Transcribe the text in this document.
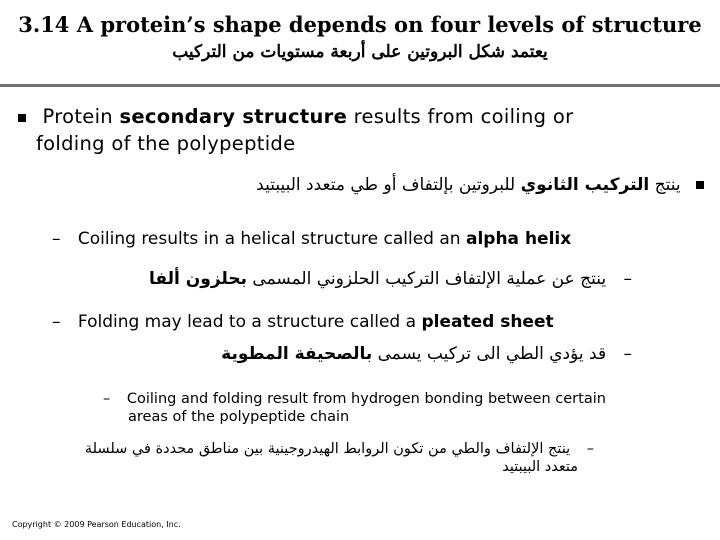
3.14 A protein’s shape depends on four levels of structure

يعتمد شكل البروتين على أربعة مستويات من التركيب

Protein secondary structure results from coiling or

folding of the polypeptide

ينتج التركيب الثانوي للبروتين بإلتفاف أو طي متعدد البيبتيد

– Coiling results in a helical structure called an alpha helix

– ينتج عن عملية الإلتفاف التركيب الحلزوني المسمى بحلزون ألفا

– Folding may lead to a structure called a pleated sheet

– قد يؤدي الطي الى تركيب يسمى بالصحيفة المطوية

– Coiling and folding result from hydrogen bonding between certain

areas of the polypeptide chain

– ينتج الإلتفاف والطي من تكون الروابط الهيدروجينية بين مناطق محددة في سلسلة

متعدد البيبتيد

Copyright © 2009 Pearson Education, Inc.
